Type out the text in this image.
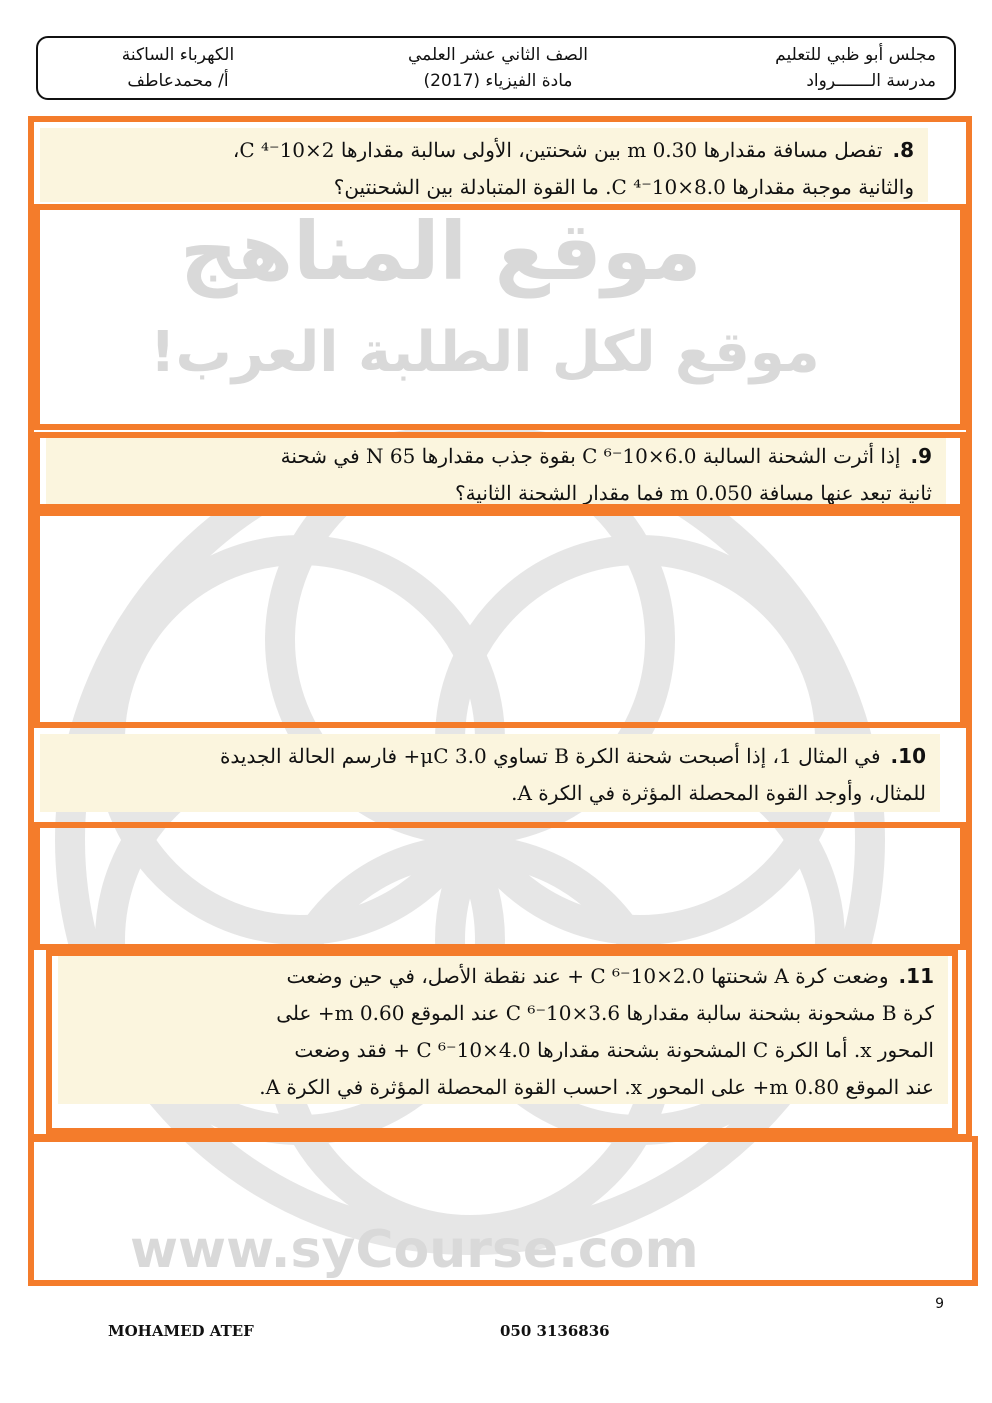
موقع المناهج
موقع لكل الطلبة العرب!
www.syCourse.com
مجلس أبو ظبي للتعليم
مدرسة الـــــــرواد
الصف الثاني عشر العلمي
مادة الفيزياء (2017)
الكهرباء الساكنة
أ/ محمدعاطف
8.تفصل مسافة مقدارها 0.30 m بين شحنتين، الأولى سالبة مقدارها 2×10⁻⁴ C،
والثانية موجبة مقدارها 8.0×10⁻⁴ C. ما القوة المتبادلة بين الشحنتين؟
9.إذا أثرت الشحنة السالبة 6.0×10⁻⁶ C بقوة جذب مقدارها 65 N في شحنة
ثانية تبعد عنها مسافة 0.050 m فما مقدار الشحنة الثانية؟
10.في المثال 1، إذا أصبحت شحنة الكرة B تساوي 3.0 μC+ فارسم الحالة الجديدة
للمثال، وأوجد القوة المحصلة المؤثرة في الكرة A.
11.وضعت كرة A شحنتها 2.0×10⁻⁶ C + عند نقطة الأصل، في حين وضعت
كرة B مشحونة بشحنة سالبة مقدارها 3.6×10⁻⁶ C عند الموقع 0.60 m+ على
المحور x. أما الكرة C المشحونة بشحنة مقدارها 4.0×10⁻⁶ C + فقد وضعت
عند الموقع 0.80 m+ على المحور x. احسب القوة المحصلة المؤثرة في الكرة A.
9
MOHAMED ATEF	050 3136836
